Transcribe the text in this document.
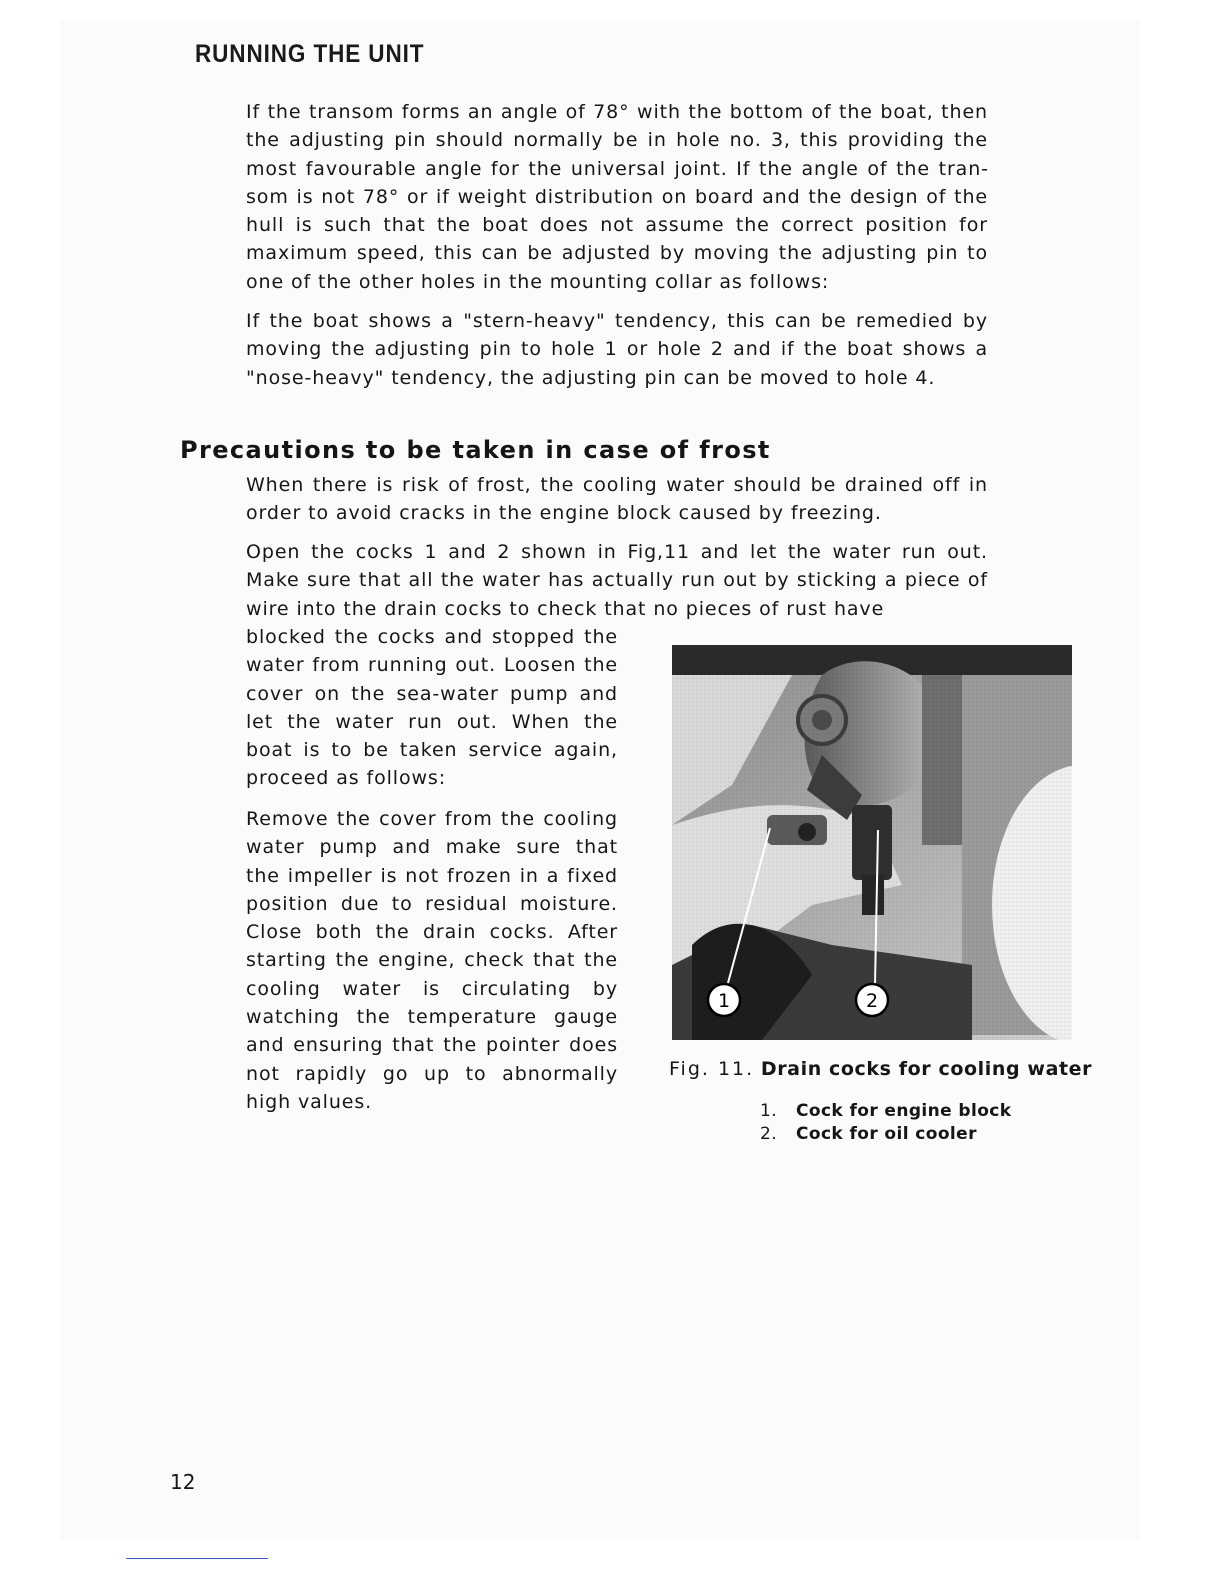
RUNNING THE UNIT

If the transom forms an angle of 78° with the bottom of the boat, then the adjusting pin should normally be in hole no. 3, this providing the most favourable angle for the universal joint. If the angle of the transom is not 78° or if weight distribution on board and the design of the hull is such that the boat does not assume the correct position for maximum speed, this can be adjusted by moving the adjusting pin to one of the other holes in the mounting collar as follows:

If the boat shows a "stern-heavy" tendency, this can be remedied by moving the adjusting pin to hole 1 or hole 2 and if the boat shows a "nose-heavy" tendency, the adjusting pin can be moved to hole 4.

Precautions to be taken in case of frost

When there is risk of frost, the cooling water should be drained off in order to avoid cracks in the engine block caused by freezing.

Open the cocks 1 and 2 shown in Fig,11 and let the water run out. Make sure that all the water has actually run out by sticking a piece of wire into the drain cocks to check that no pieces of rust have

blocked the cocks and stopped the water from running out. Loosen the cover on the sea-water pump and let the water run out. When the boat is to be taken service again, proceed as follows:

Remove the cover from the cooling water pump and make sure that the impeller is not frozen in a fixed position due to residual moisture. Close both the drain cocks. After starting the engine, check that the cooling water is circulating by watching the temperature gauge and ensuring that the pointer does not rapidly go up to abnormally high values.

1	2

Fig. 11. Drain cocks for cooling water

1.	Cock for engine block
2.	Cock for oil cooler
12
